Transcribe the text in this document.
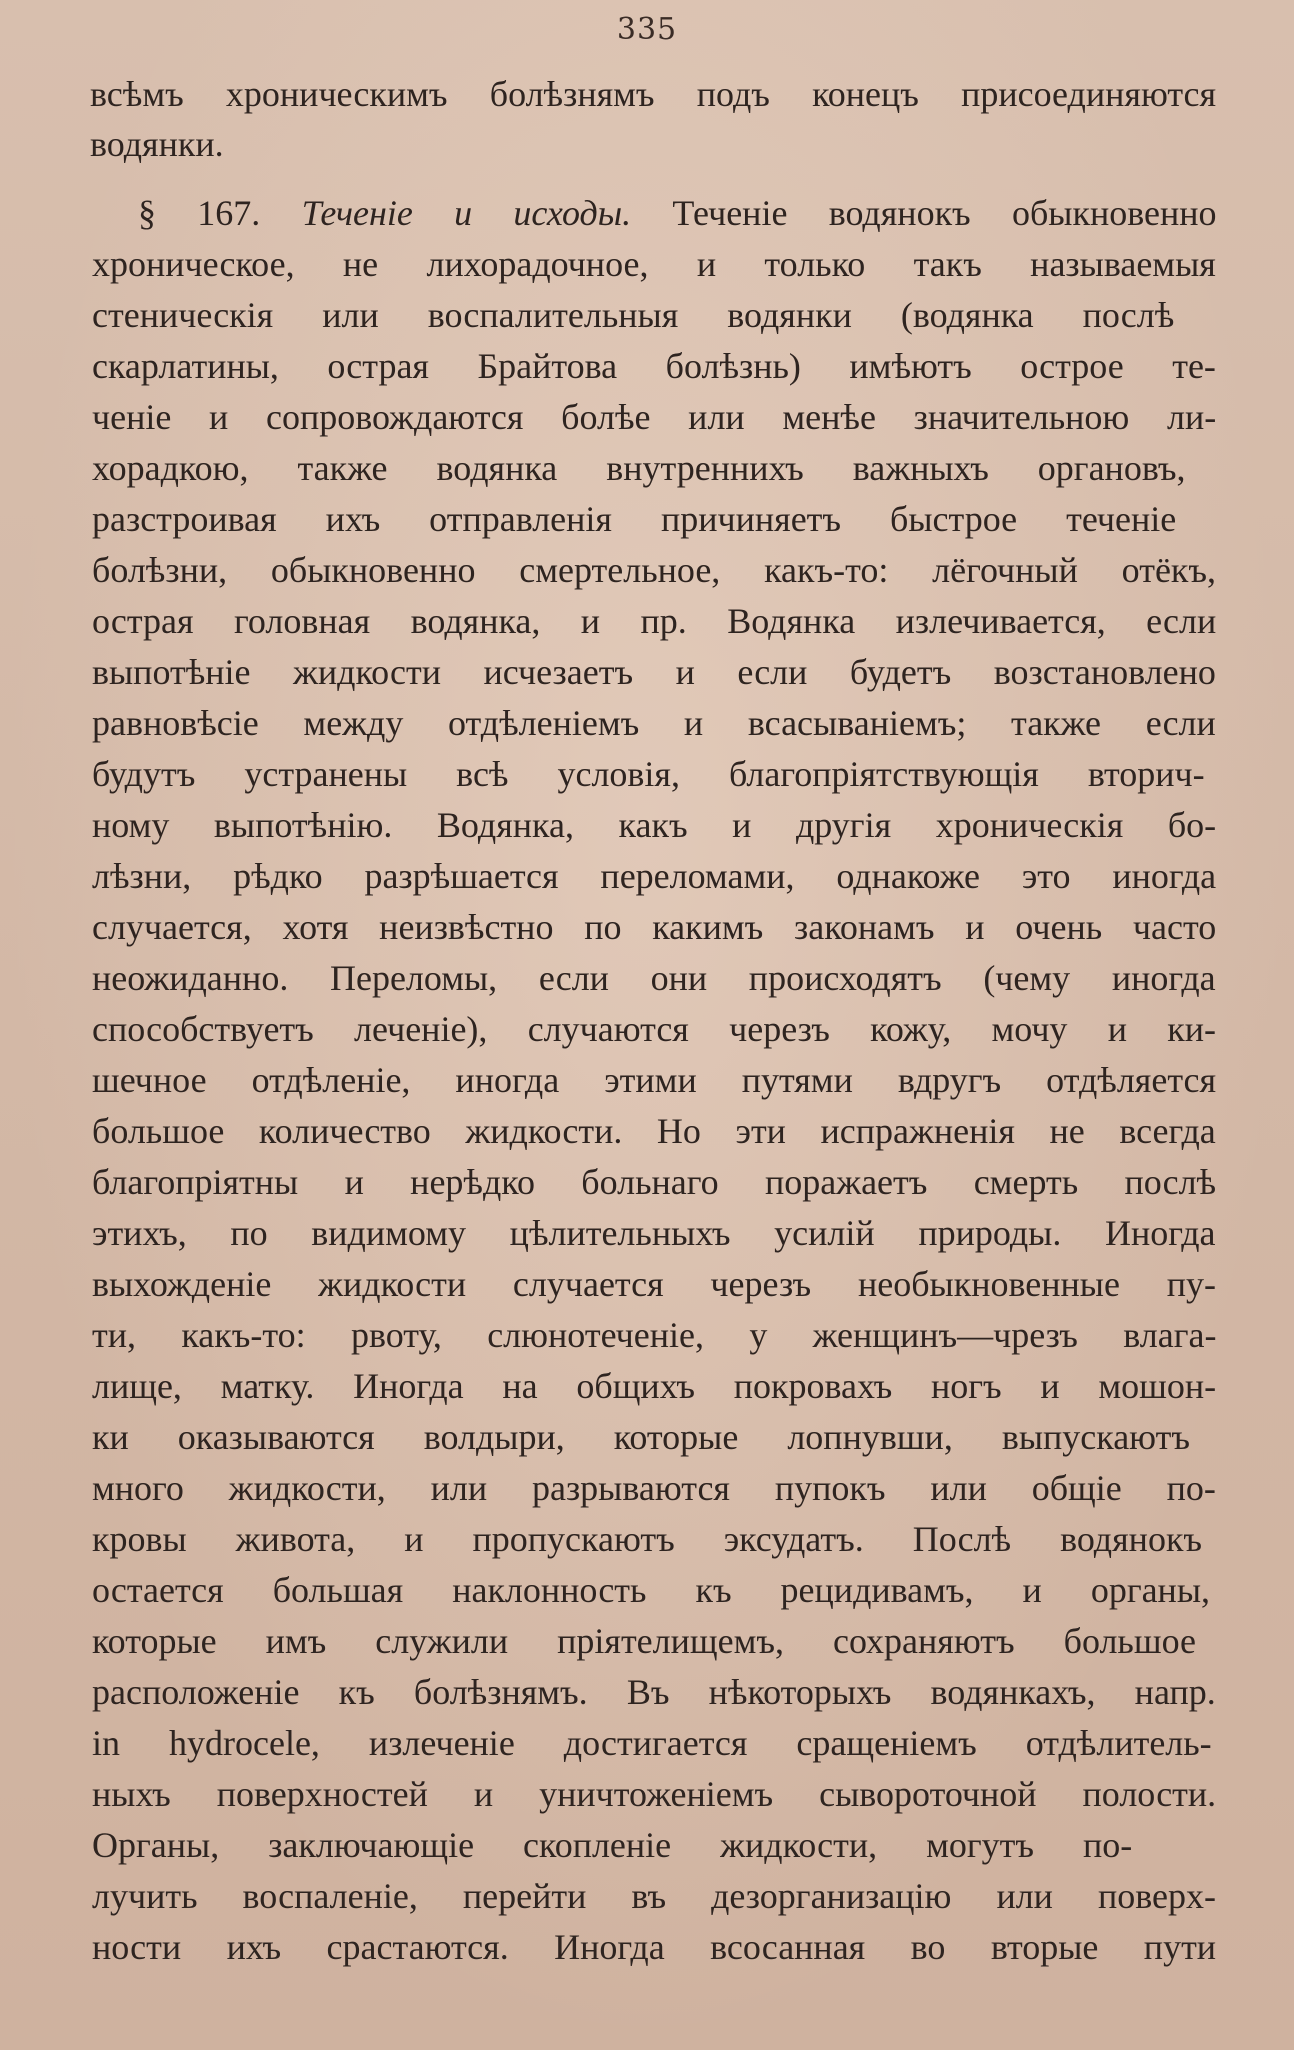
335
всѣмъ хроническимъ болѣзнямъ подъ конецъ присоединяются
водянки.
§ 167. Теченіе и исходы. Теченіе водянокъ обыкновенно
хроническое, не лихорадочное, и только такъ называемыя
стеническія или воспалительныя водянки (водянка послѣ
скарлатины, острая Брайтова болѣзнь) имѣютъ острое те-
ченіе и сопровождаются болѣе или менѣе значительною ли-
хорадкою, также водянка внутреннихъ важныхъ органовъ,
разстроивая ихъ отправленія причиняетъ быстрое теченіе
болѣзни, обыкновенно смертельное, какъ-то: лёгочный отёкъ,
острая головная водянка, и пр. Водянка излечивается, если
выпотѣніе жидкости исчезаетъ и если будетъ возстановлено
равновѣсіе между отдѣленіемъ и всасываніемъ; также если
будутъ устранены всѣ условія, благопріятствующія вторич-
ному выпотѣнію. Водянка, какъ и другія хроническія бо-
лѣзни, рѣдко разрѣшается переломами, однакоже это иногда
случается, хотя неизвѣстно по какимъ законамъ и очень часто
неожиданно. Переломы, если они происходятъ (чему иногда
способствуетъ леченіе), случаются черезъ кожу, мочу и ки-
шечное отдѣленіе, иногда этими путями вдругъ отдѣляется
большое количество жидкости. Но эти испражненія не всегда
благопріятны и нерѣдко больнаго поражаетъ смерть послѣ
этихъ, по видимому цѣлительныхъ усилій природы. Иногда
выхожденіе жидкости случается черезъ необыкновенные пу-
ти, какъ-то: рвоту, слюнотеченіе, у женщинъ—чрезъ влага-
лище, матку. Иногда на общихъ покровахъ ногъ и мошон-
ки оказываются волдыри, которые лопнувши, выпускаютъ
много жидкости, или разрываются пупокъ или общіе по-
кровы живота, и пропускаютъ эксудатъ. Послѣ водянокъ
остается большая наклонность къ рецидивамъ, и органы,
которые имъ служили пріятелищемъ, сохраняютъ большое
расположеніе къ болѣзнямъ. Въ нѣкоторыхъ водянкахъ, напр.
in hydrocele, излеченіе достигается сращеніемъ отдѣлитель-
ныхъ поверхностей и уничтоженіемъ сывороточной полости.
Органы, заключающіе скопленіе жидкости, могутъ по-
лучить воспаленіе, перейти въ дезорганизацію или поверх-
ности ихъ срастаются. Иногда всосанная во вторые пути
